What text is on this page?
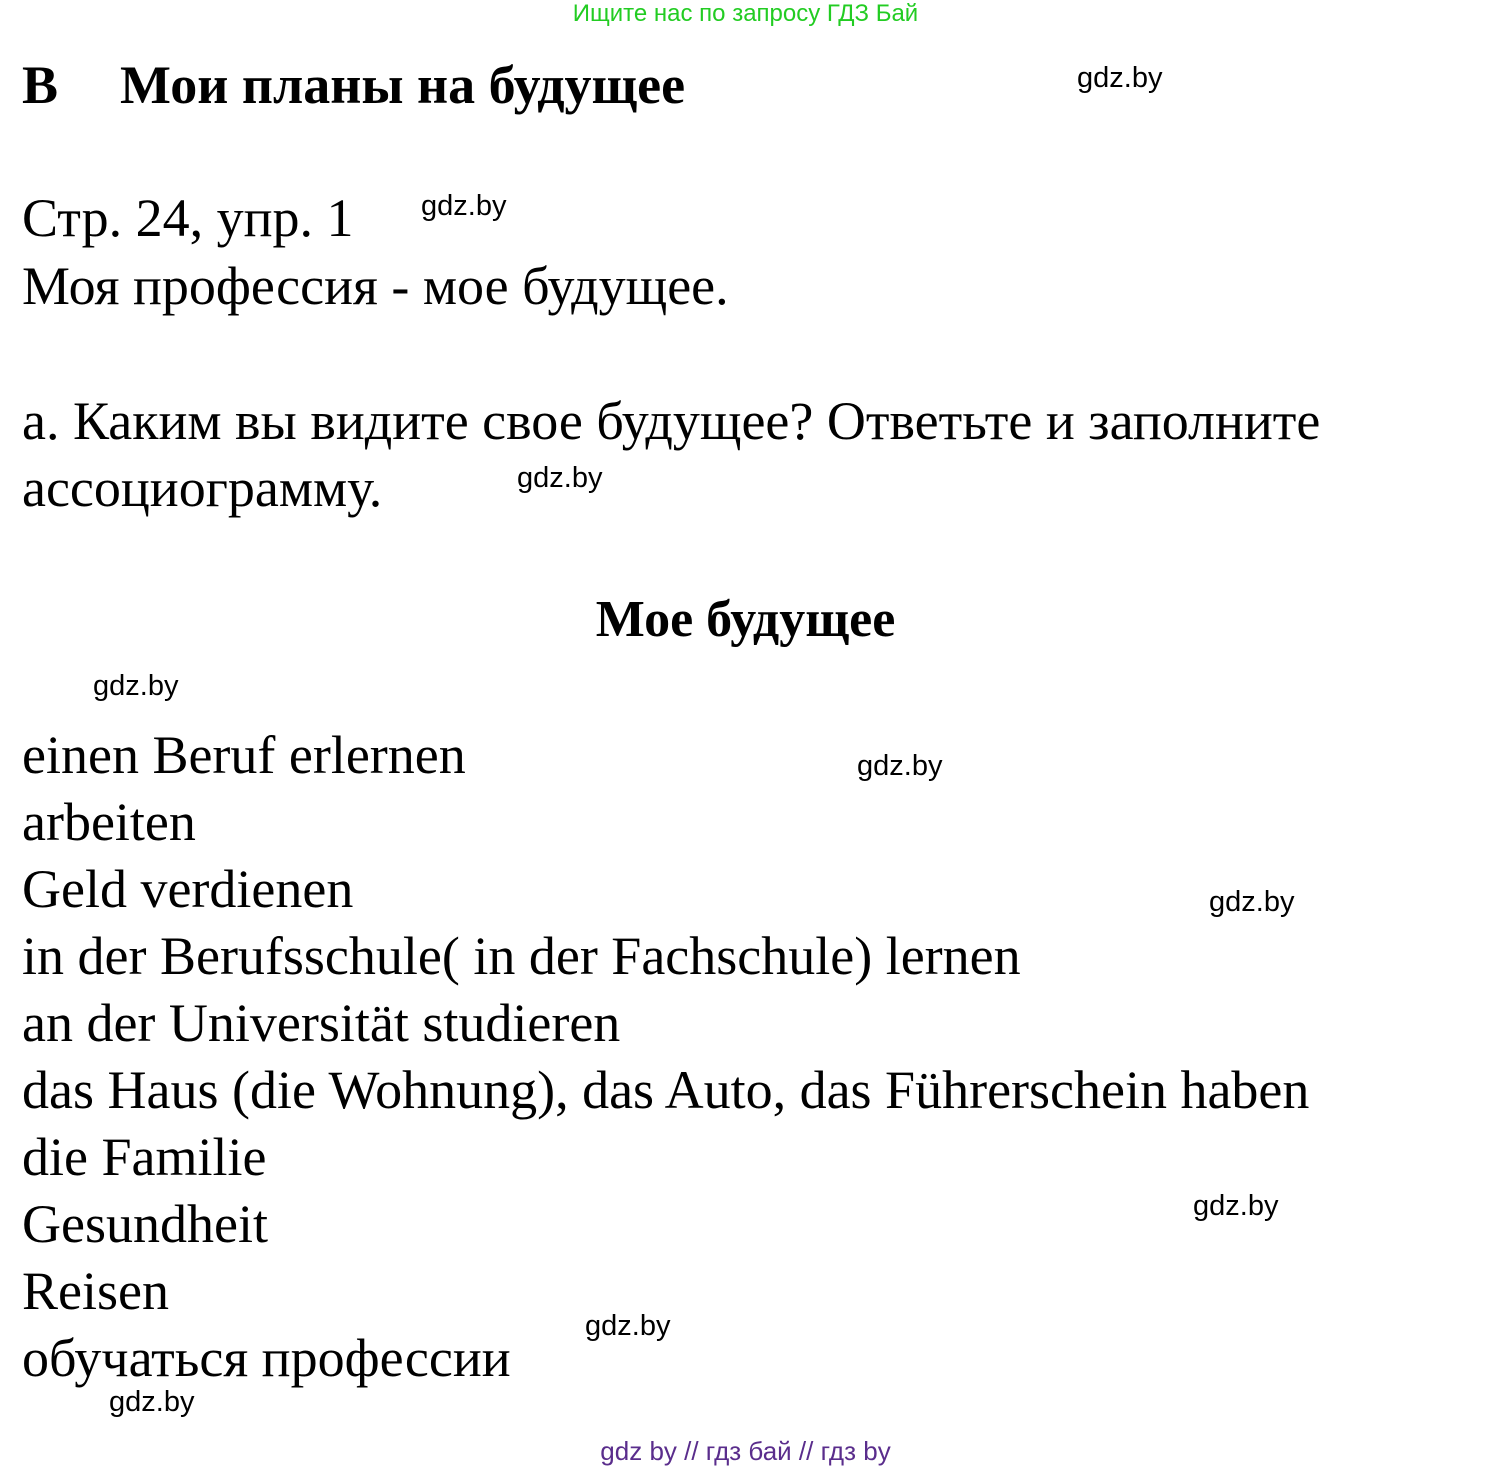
Ищите нас по запросу ГДЗ Бай
В Мои планы на будущее
Стр. 24, упр. 1
Моя профессия - мое будущее.
а. Каким вы видите свое будущее? Ответьте и заполните
ассоциограмму.
Мое будущее
einen Beruf erlernen
arbeiten
Geld verdienen
in der Berufsschule( in der Fachschule) lernen
an der Universität studieren
das Haus (die Wohnung), das Auto, das Führerschein haben
die Familie
Gesundheit
Reisen
обучаться профессии
gdz.by
gdz.by
gdz.by
gdz.by
gdz.by
gdz.by
gdz.by
gdz.by
gdz.by
gdz by // гдз бай // гдз by
